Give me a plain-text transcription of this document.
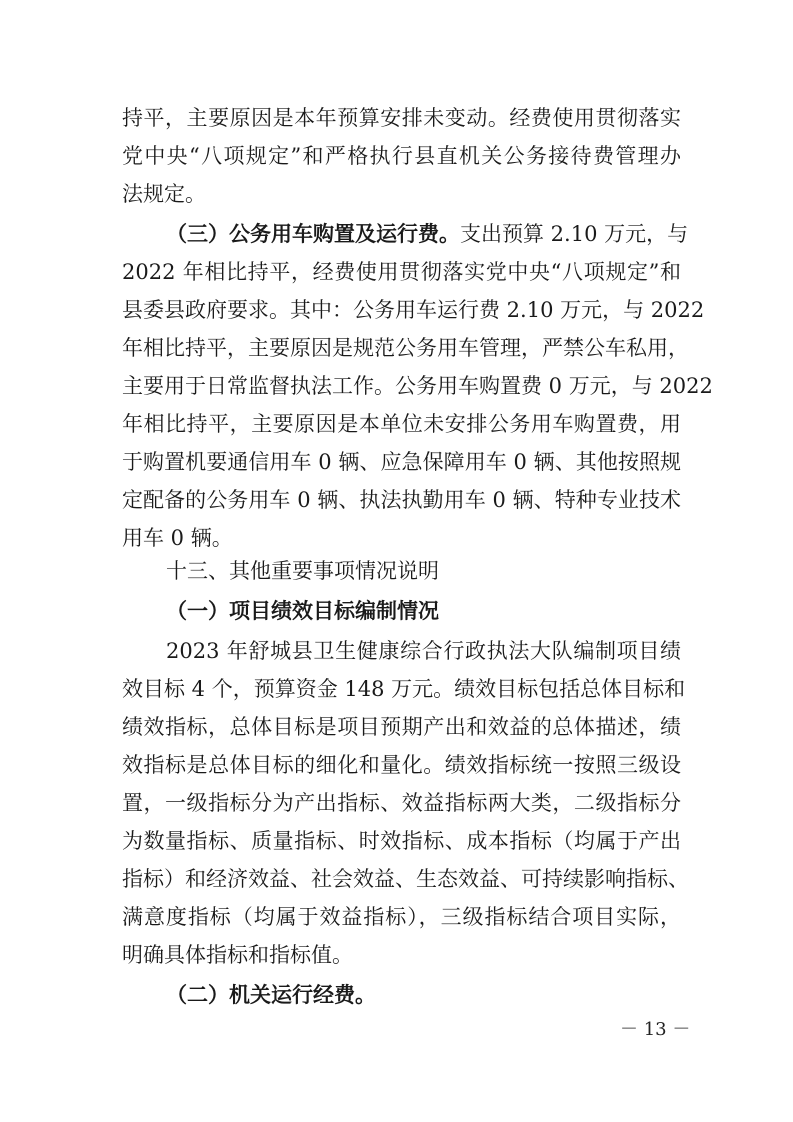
持平，主要原因是本年预算安排未变动。经费使用贯彻落实
党中央“八项规定”和严格执行县直机关公务接待费管理办
法规定。
（三）公务用车购置及运行费。支出预算 2.10 万元，与
2022 年相比持平，经费使用贯彻落实党中央“八项规定”和
县委县政府要求。其中：公务用车运行费 2.10 万元，与 2022
年相比持平，主要原因是规范公务用车管理，严禁公车私用，
主要用于日常监督执法工作。公务用车购置费 0 万元，与 2022
年相比持平，主要原因是本单位未安排公务用车购置费，用
于购置机要通信用车 0 辆、应急保障用车 0 辆、其他按照规
定配备的公务用车 0 辆、执法执勤用车 0 辆、特种专业技术
用车 0 辆。
十三、其他重要事项情况说明
（一）项目绩效目标编制情况
2023 年舒城县卫生健康综合行政执法大队编制项目绩
效目标 4 个，预算资金 148 万元。绩效目标包括总体目标和
绩效指标，总体目标是项目预期产出和效益的总体描述，绩
效指标是总体目标的细化和量化。绩效指标统一按照三级设
置，一级指标分为产出指标、效益指标两大类，二级指标分
为数量指标、质量指标、时效指标、成本指标（均属于产出
指标）和经济效益、社会效益、生态效益、可持续影响指标、
满意度指标（均属于效益指标），三级指标结合项目实际，
明确具体指标和指标值。
－ 13 －
（二）机关运行经费。
